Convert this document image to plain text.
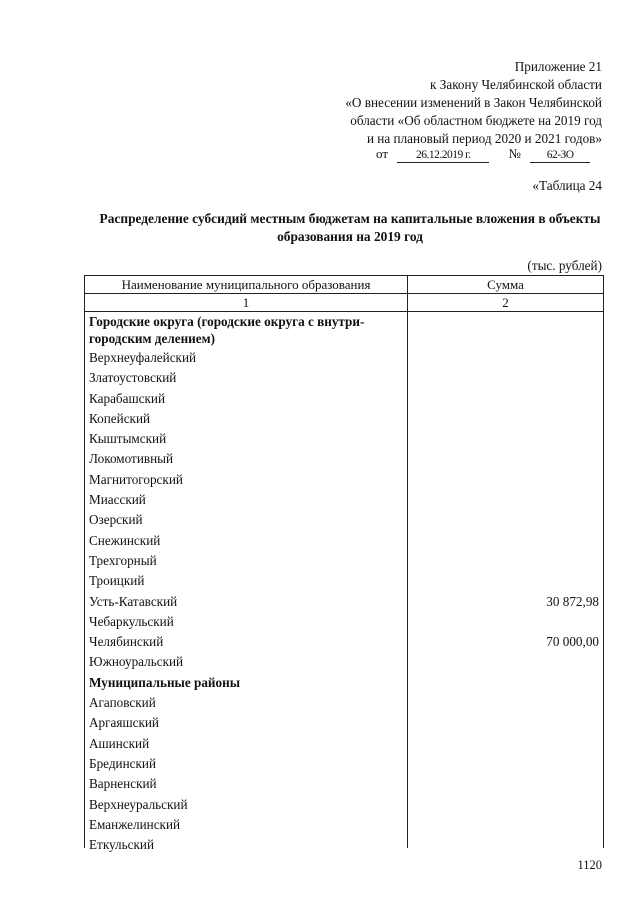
Приложение 21
к Закону Челябинской области
«О внесении изменений в Закон Челябинской
области «Об областном бюджете на 2019 год
и на плановый период 2020 и 2021 годов»
от 26.12.2019 г.	№ 62-ЗО
«Таблица 24
Распределение субсидий местным бюджетам на капитальные вложения в объекты образования на 2019 год
(тыс. рублей)
Наименование муниципального образования	Сумма
1	2
Городские округа (городские округа с внутри-городским делением)
Верхнеуфалейский
Златоустовский
Карабашский
Копейский
Кыштымский
Локомотивный
Магнитогорский
Миасский
Озерский
Снежинский
Трехгорный
Троицкий
Усть-Катавский	30 872,98
Чебаркульский
Челябинский	70 000,00
Южноуральский
Муниципальные районы
Агаповский
Аргаяшский
Ашинский
Брединский
Варненский
Верхнеуральский
Еманжелинский
Еткульский
1120
